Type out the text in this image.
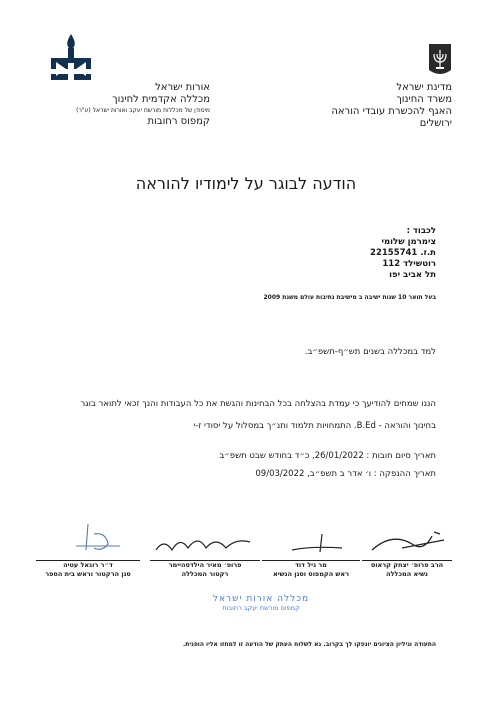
אורות ישראל
מכללה אקדמית לחינוך
מיסודן של מכללות מורשת יעקב ואורות ישראל (ע"ר)
קמפוס רחובות
מדינת ישראל
משרד החינוך
האגף להכשרת עובדי הוראה
ירושלים
הודעה לבוגר על לימודיו להוראה
לכבוד :
צימרמן שלומי
ת.ז. 22155741
רוטשילד 112
תל אביב יפו
בעל תואר 10 שנות ישיבה ב מישיבת נתיבות עולם משנת 2009
למד במכללה בשנים תש״ף-תשפ״ב.
הננו שמחים להודיעך כי עמדת בהצלחה בכל הבחינות והגשת את כל העבודות והנך זכאי לתואר בוגר
בחינוך והוראה - B.Ed. התמחויות תלמוד ותנ״ך במסלול על יסודי ז-י
תאריך סיום חובות : 26/01/2022, כ״ד בחודש שבט תשפ״ב
תאריך ההנפקה : ו׳ אדר ב תשפ״ב, 09/03/2022
הרב פרופ׳ יצחק קראוס
נשיא המכללה
מר גיל דוד
ראש הקמפוס וסגן הנשיא
פרופ׳ מאיר הילדסהיימר
רקטור המכללה
ד״ר רונאל עטיה
סגן הרקטור וראש בית הספר
מכללה אורות ישראל
קמפוס מורשת יעקב רחובות
התעודה וגיליון הציונים יונפקו לך בקרוב. נא לשלוח העתק של הודעה זו למחזו אליו הופנית.
